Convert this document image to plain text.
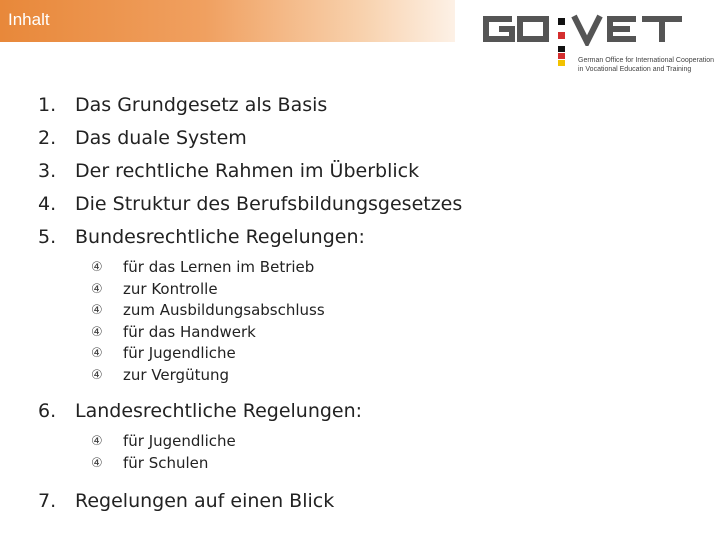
Inhalt
German Office for International Cooperation
in Vocational Education and Training
1. Das Grundgesetz als Basis
2. Das duale System
3. Der rechtliche Rahmen im Überblick
4. Die Struktur des Berufsbildungsgesetzes
5. Bundesrechtliche Regelungen:
④ für das Lernen im Betrieb
④ zur Kontrolle
④ zum Ausbildungsabschluss
④ für das Handwerk
④ für Jugendliche
④ zur Vergütung
6. Landesrechtliche Regelungen:
④ für Jugendliche
④ für Schulen
7. Regelungen auf einen Blick
